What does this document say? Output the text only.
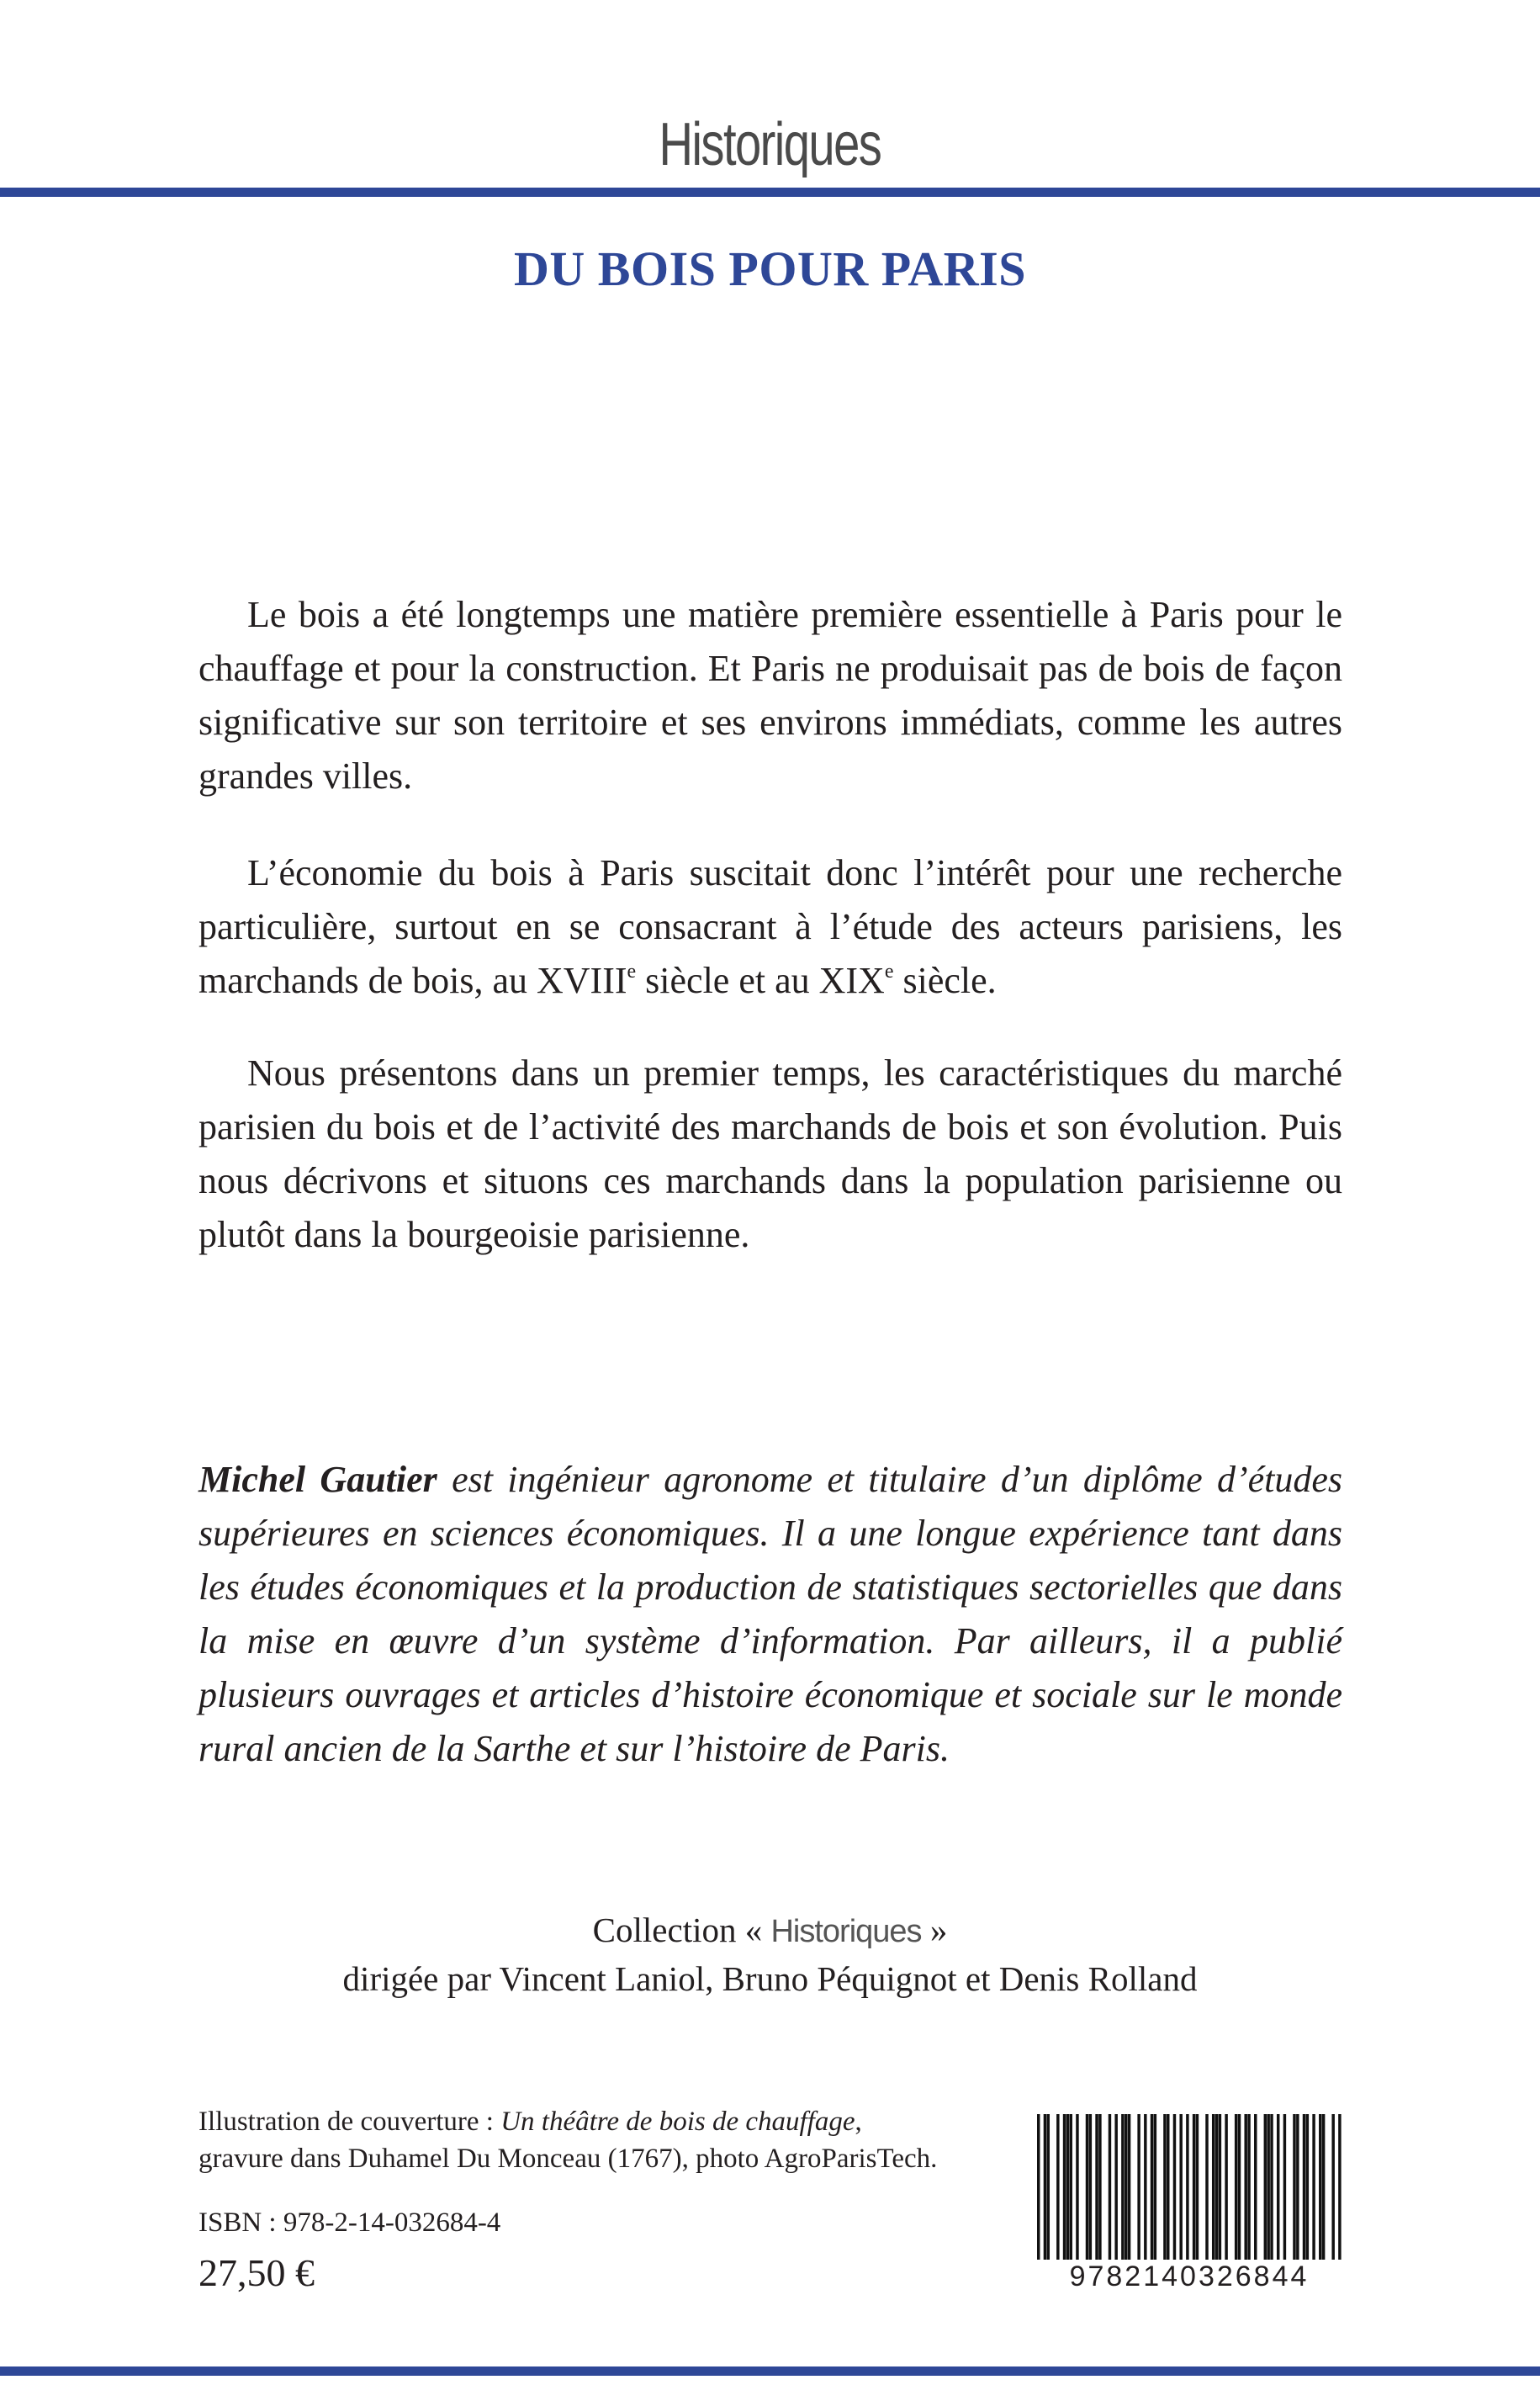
Historiques
DU BOIS POUR PARIS

Le bois a été longtemps une matière première essentielle à Paris pour le chauffage et pour la construction. Et Paris ne produisait pas de bois de façon significative sur son territoire et ses environs immédiats, comme les autres grandes villes.

L’économie du bois à Paris suscitait donc l’intérêt pour une recherche particulière, surtout en se consacrant à l’étude des acteurs parisiens, les marchands de bois, au XVIIIe siècle et au XIXe siècle.

Nous présentons dans un premier temps, les caractéristiques du marché parisien du bois et de l’activité des marchands de bois et son évolution. Puis nous décrivons et situons ces marchands dans la population parisienne ou plutôt dans la bourgeoisie parisienne.

Michel Gautier est ingénieur agronome et titulaire d’un diplôme d’études supérieures en sciences économiques. Il a une longue expérience tant dans les études économiques et la production de statistiques sectorielles que dans la mise en œuvre d’un système d’information. Par ailleurs, il a publié plusieurs ouvrages et articles d’histoire économique et sociale sur le monde rural ancien de la Sarthe et sur l’histoire de Paris.

Collection « Historiques »
dirigée par Vincent Laniol, Bruno Péquignot et Denis Rolland

Illustration de couverture : Un théâtre de bois de chauffage,
gravure dans Duhamel Du Monceau (1767), photo AgroParisTech.

ISBN : 978-2-14-032684-4
27,50 €	9782140326844
